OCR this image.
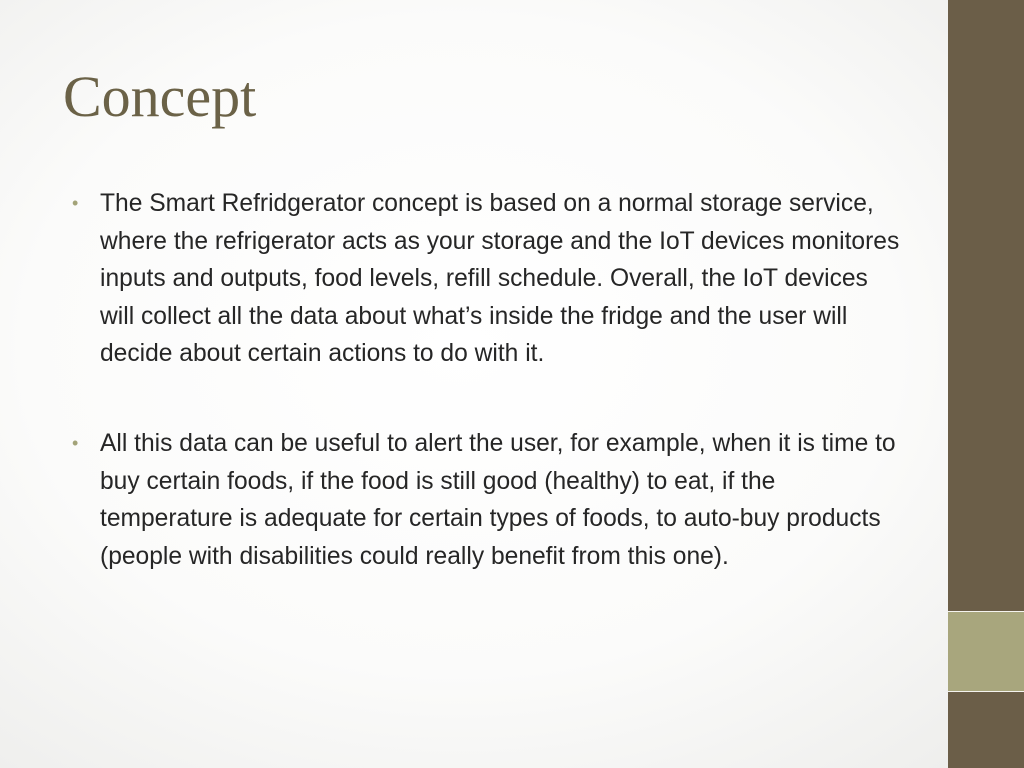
Concept
• The Smart Refridgerator concept is based on a normal storage service, where the refrigerator acts as your storage and the IoT devices monitores inputs and outputs, food levels, refill schedule. Overall, the IoT devices will collect all the data about what’s inside the fridge and the user will decide about certain actions to do with it.
• All this data can be useful to alert the user, for example, when it is time to buy certain foods, if the food is still good (healthy) to eat, if the temperature is adequate for certain types of foods, to auto-buy products (people with disabilities could really benefit from this one).
